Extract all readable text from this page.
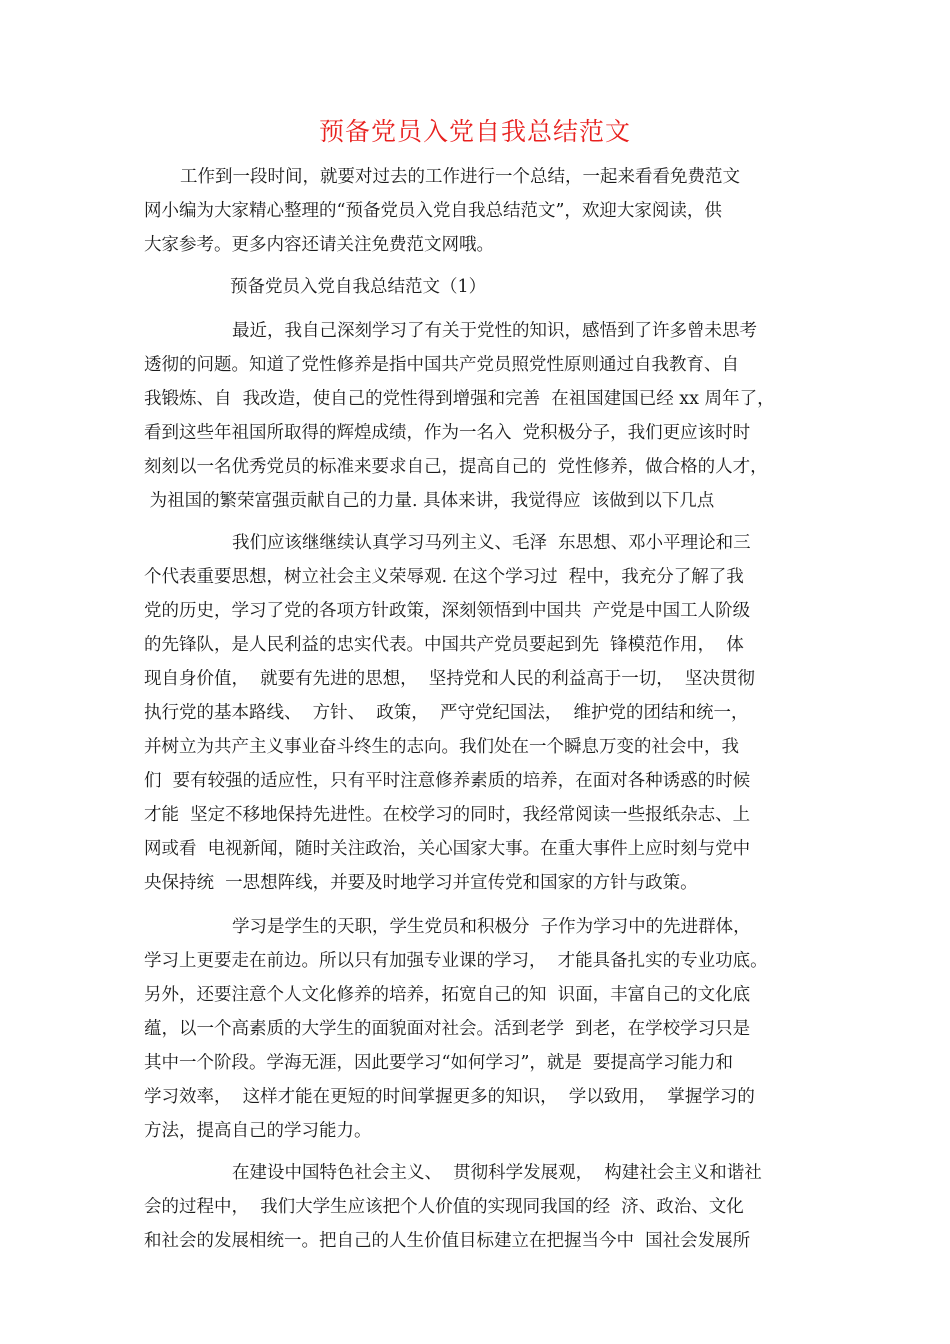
预备党员入党自我总结范文
工作到一段时间，就要对过去的工作进行一个总结，一起来看看免费范文
网小编为大家精心整理的“预备党员入党自我总结范文”，欢迎大家阅读，供
大家参考。更多内容还请关注免费范文网哦。
预备党员入党自我总结范文（1）
最近，我自己深刻学习了有关于党性的知识，感悟到了许多曾未思考
透彻的问题。知道了党性修养是指中国共产党员照党性原则通过自我教育、自
我锻炼、自  我改造，使自己的党性得到增强和完善  在祖国建国已经 xx 周年了，
看到这些年祖国所取得的辉煌成绩，作为一名入  党积极分子，我们更应该时时
刻刻以一名优秀党员的标准来要求自己，提高自己的  党性修养，做合格的人才，
为祖国的繁荣富强贡献自己的力量. 具体来讲，我觉得应  该做到以下几点
我们应该继继续认真学习马列主义、毛泽  东思想、邓小平理论和三
个代表重要思想，树立社会主义荣辱观. 在这个学习过  程中，我充分了解了我
党的历史，学习了党的各项方针政策，深刻领悟到中国共  产党是中国工人阶级
的先锋队，是人民利益的忠实代表。中国共产党员要起到先  锋模范作用，  体
现自身价值，  就要有先进的思想，  坚持党和人民的利益高于一切，  坚决贯彻
执行党的基本路线、  方针、  政策，  严守党纪国法，  维护党的团结和统一，
并树立为共产主义事业奋斗终生的志向。我们处在一个瞬息万变的社会中，我
们  要有较强的适应性，只有平时注意修养素质的培养，在面对各种诱惑的时候
才能  坚定不移地保持先进性。在校学习的同时，我经常阅读一些报纸杂志、上
网或看  电视新闻，随时关注政治，关心国家大事。在重大事件上应时刻与党中
央保持统  一思想阵线，并要及时地学习并宣传党和国家的方针与政策。
学习是学生的天职，学生党员和积极分  子作为学习中的先进群体，
学习上更要走在前边。所以只有加强专业课的学习，  才能具备扎实的专业功底。
另外，还要注意个人文化修养的培养，拓宽自己的知  识面，丰富自己的文化底
蕴，以一个高素质的大学生的面貌面对社会。活到老学  到老，在学校学习只是
其中一个阶段。学海无涯，因此要学习“如何学习”，就是  要提高学习能力和
学习效率，  这样才能在更短的时间掌握更多的知识，  学以致用，  掌握学习的
方法，提高自己的学习能力。
在建设中国特色社会主义、  贯彻科学发展观，  构建社会主义和谐社
会的过程中，  我们大学生应该把个人价值的实现同我国的经  济、政治、文化
和社会的发展相统一。把自己的人生价值目标建立在把握当今中  国社会发展所
